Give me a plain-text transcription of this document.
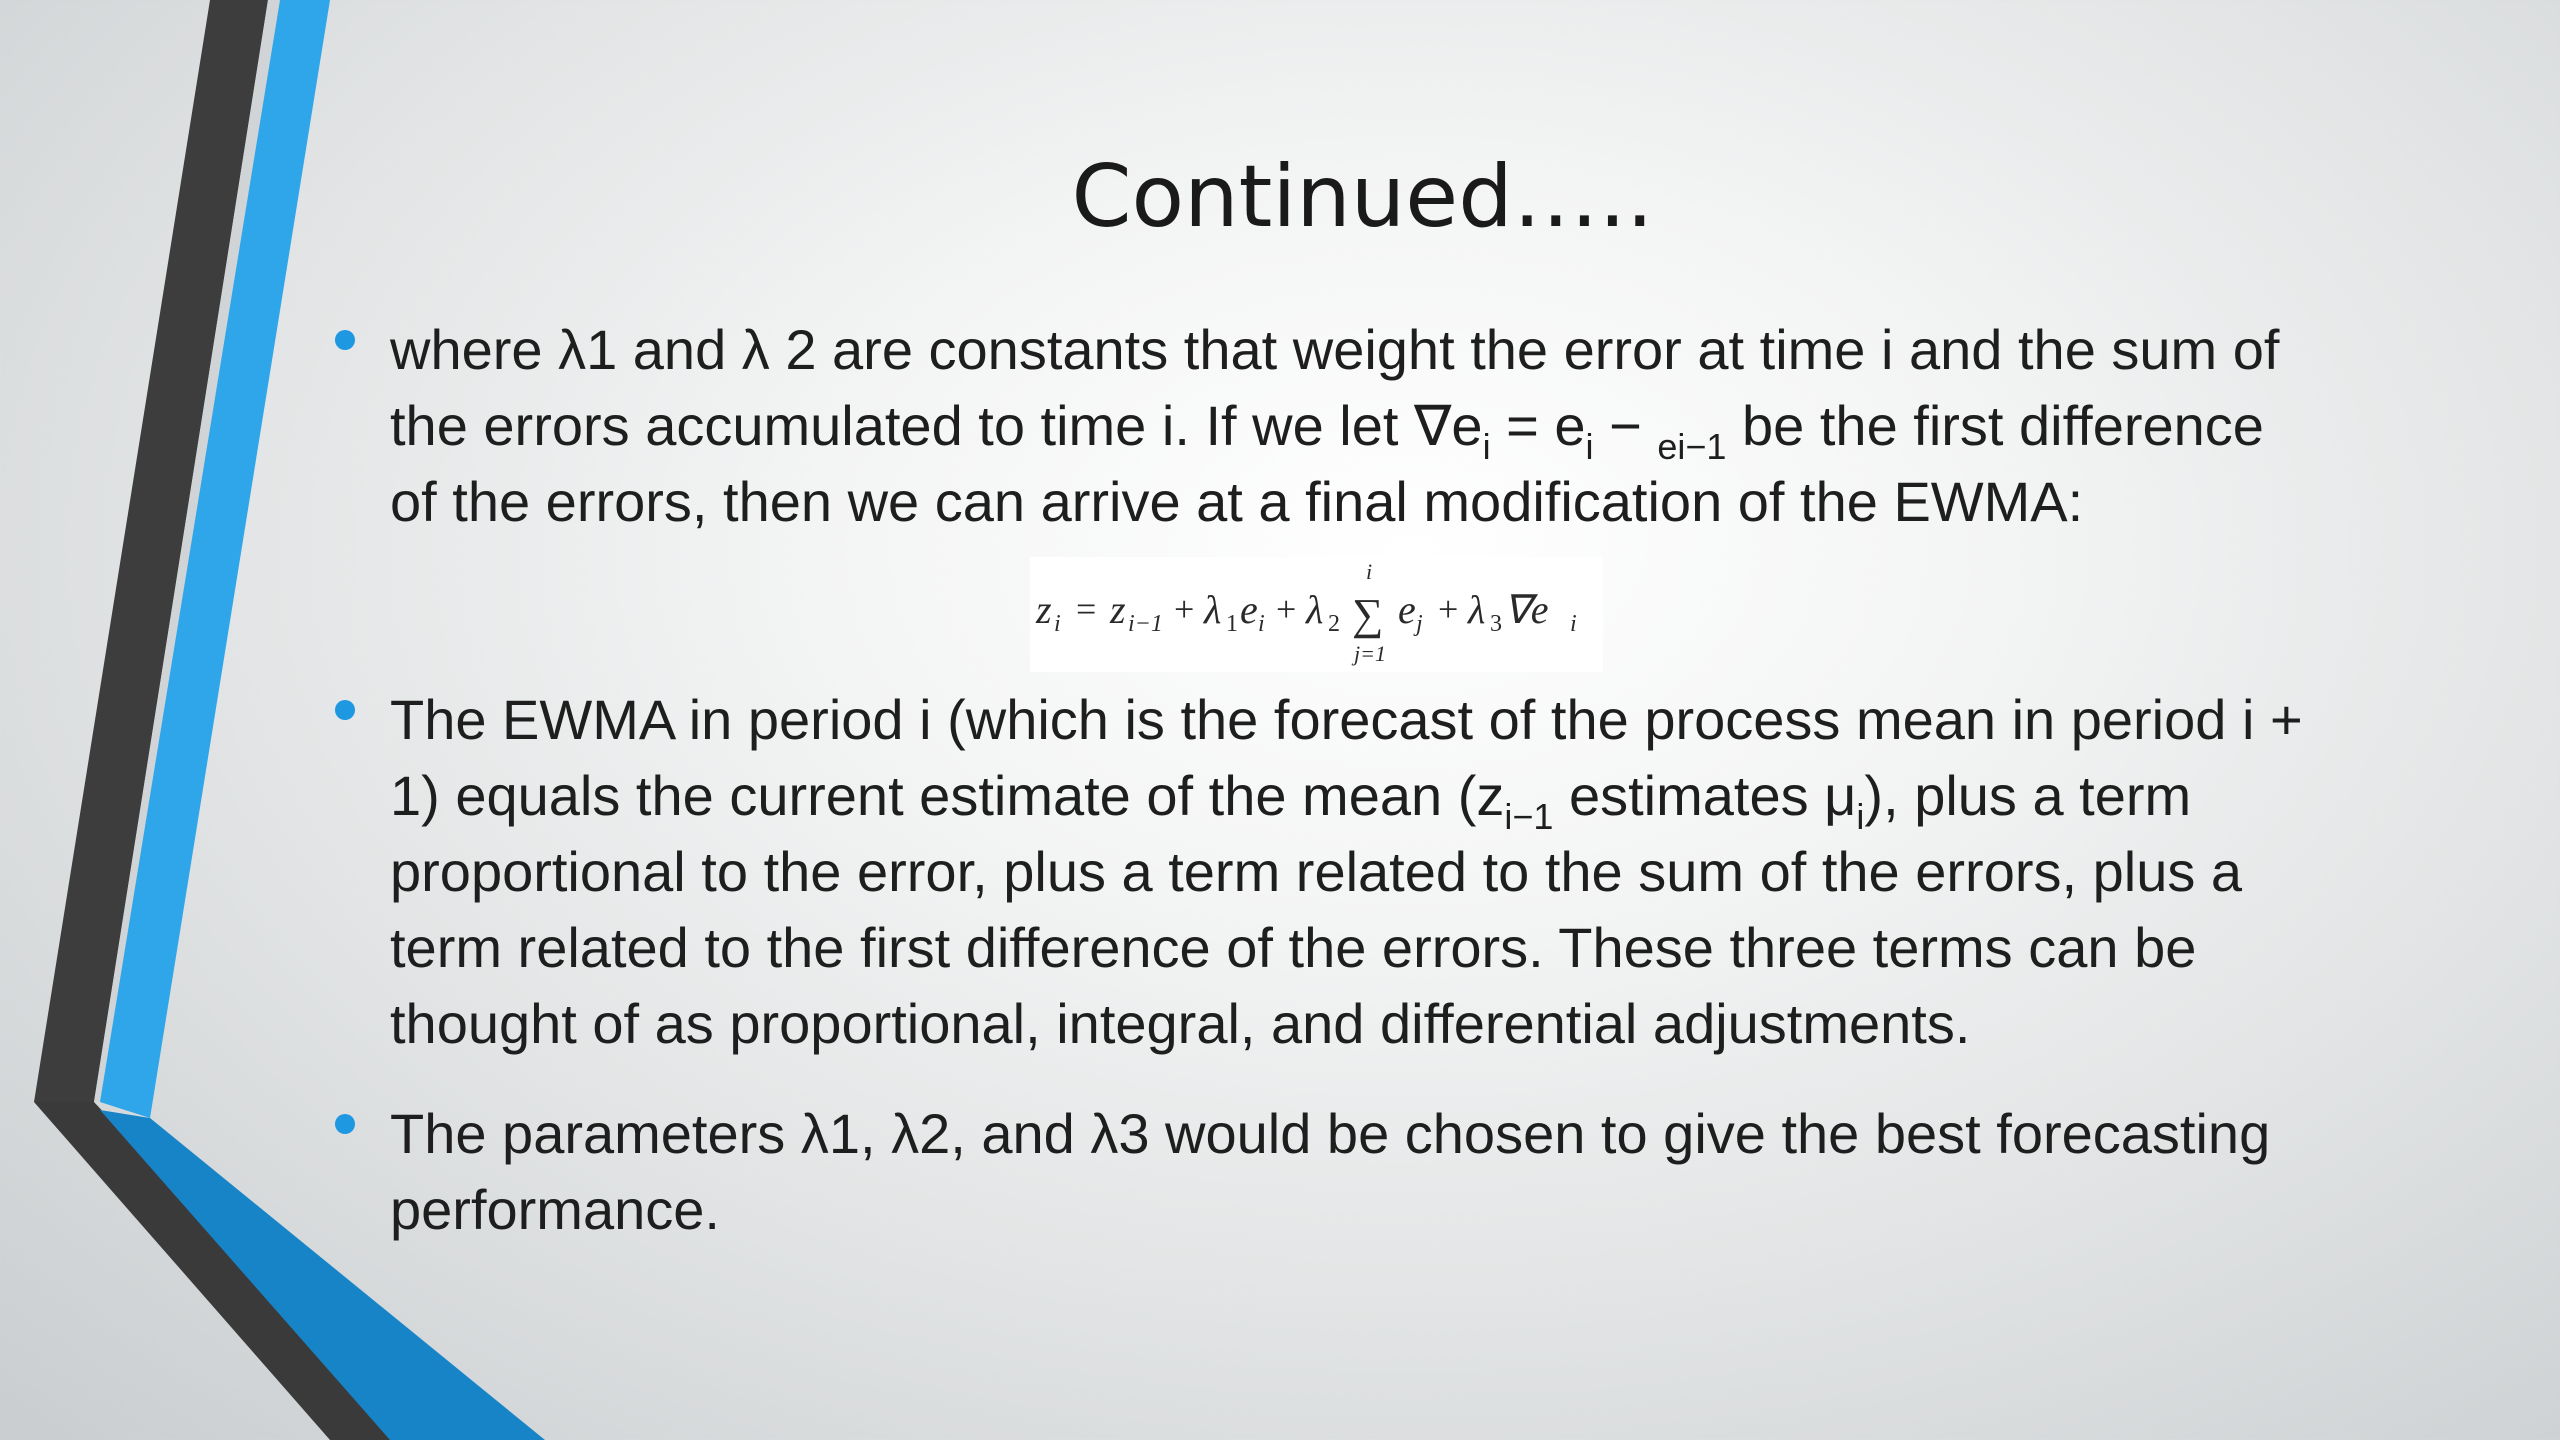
Continued…..
where λ1 and λ 2 are constants that weight the error at time i and the sum of
the errors accumulated to time i. If we let $\nabla e_i = e_i - _{ei-1}$ be the first difference
of the errors, then we can arrive at a final modification of the EWMA:
z i = z i−1 + λ 1 e i + λ 2
i
∑
j=1
e j + λ 3 ∇e i
The EWMA in period i (which is the forecast of the process mean in period i +
1) equals the current estimate of the mean ($z_{i-1}$ estimates $\mu_i$), plus a term
proportional to the error, plus a term related to the sum of the errors, plus a
term related to the first difference of the errors. These three terms can be
thought of as proportional, integral, and differential adjustments.
The parameters λ1, λ2, and λ3 would be chosen to give the best forecasting
performance.
